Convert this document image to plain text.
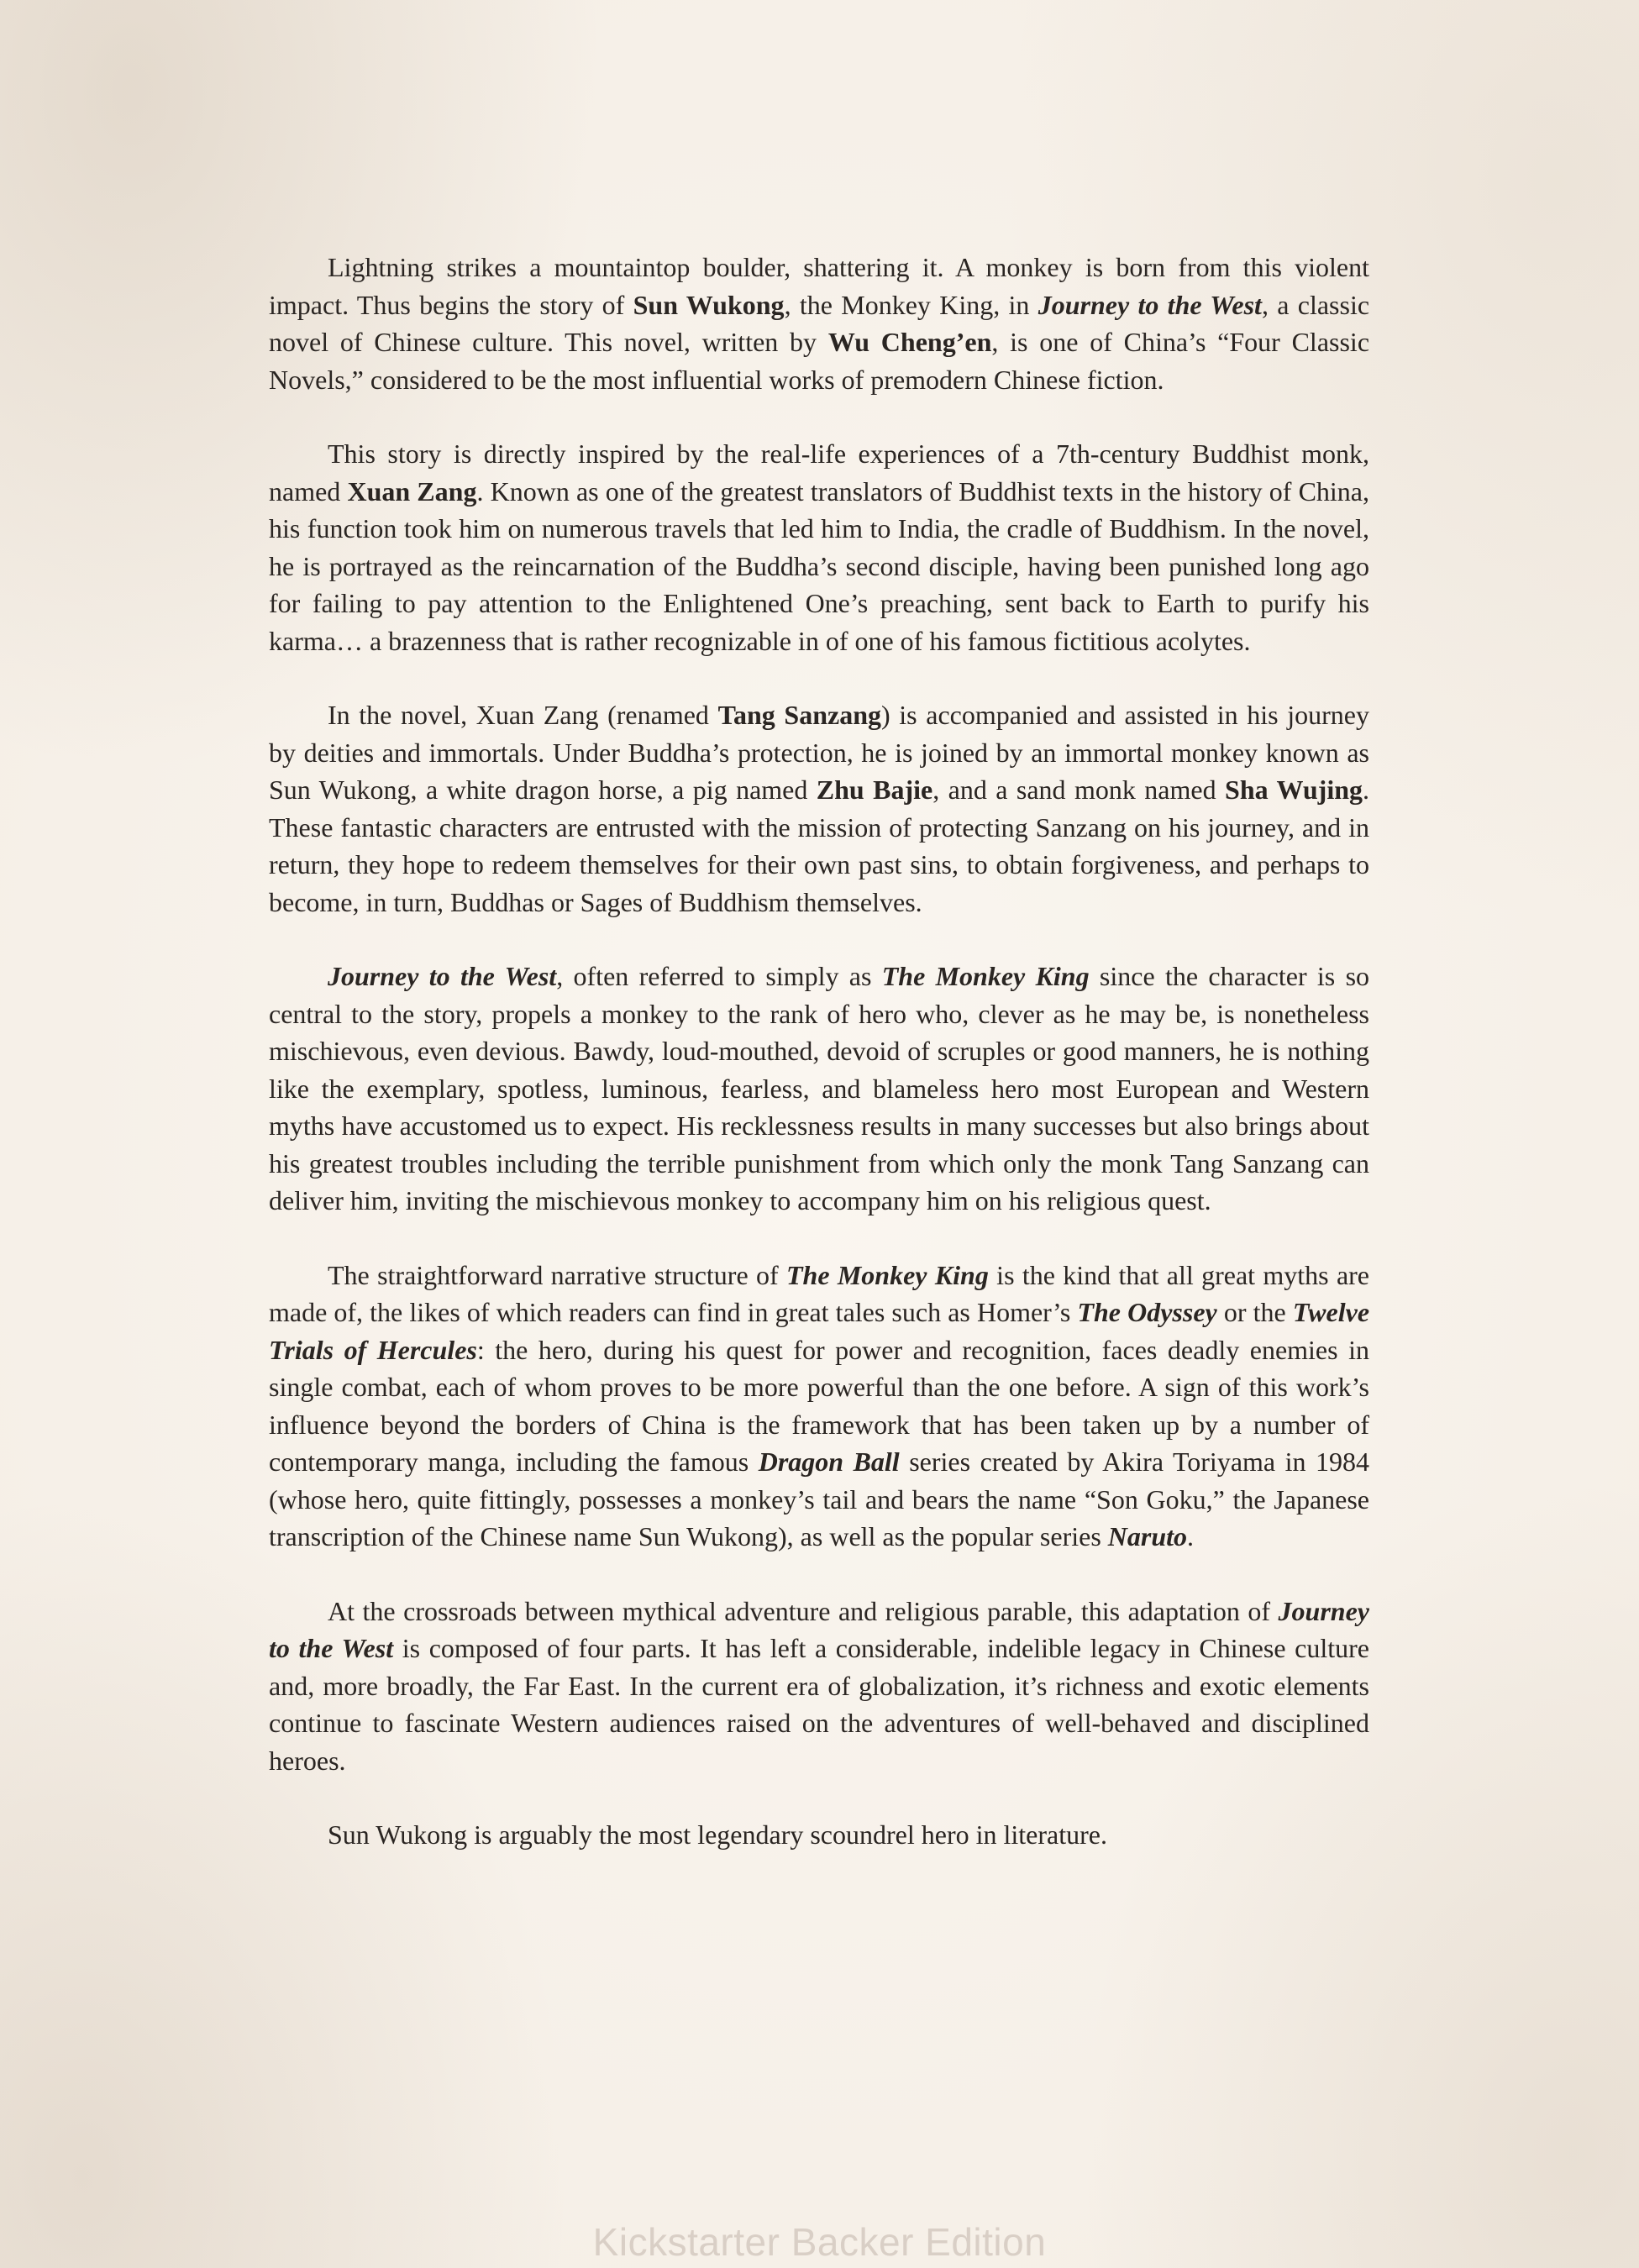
Lightning strikes a mountaintop boulder, shattering it. A monkey is born from this violent impact. Thus begins the story of Sun Wukong, the Monkey King, in Journey to the West, a classic novel of Chinese culture. This novel, written by Wu Cheng’en, is one of China’s “Four Classic Novels,” considered to be the most influential works of premodern Chinese fiction.

This story is directly inspired by the real-life experiences of a 7th-century Buddhist monk, named Xuan Zang. Known as one of the greatest translators of Buddhist texts in the history of China, his function took him on numerous travels that led him to India, the cradle of Buddhism. In the novel, he is portrayed as the reincarnation of the Buddha’s second disciple, having been punished long ago for failing to pay attention to the Enlightened One’s preaching, sent back to Earth to purify his karma… a brazenness that is rather recognizable in of one of his famous fictitious acolytes.

In the novel, Xuan Zang (renamed Tang Sanzang) is accompanied and assisted in his journey by deities and immortals. Under Buddha’s protection, he is joined by an immortal monkey known as Sun Wukong, a white dragon horse, a pig named Zhu Bajie, and a sand monk named Sha Wujing. These fantastic characters are entrusted with the mission of protecting Sanzang on his journey, and in return, they hope to redeem themselves for their own past sins, to obtain forgiveness, and perhaps to become, in turn, Buddhas or Sages of Buddhism themselves.

Journey to the West, often referred to simply as The Monkey King since the character is so central to the story, propels a monkey to the rank of hero who, clever as he may be, is nonetheless mischievous, even devious. Bawdy, loud-mouthed, devoid of scruples or good manners, he is nothing like the exemplary, spotless, luminous, fearless, and blameless hero most European and Western myths have accustomed us to expect. His recklessness results in many successes but also brings about his greatest troubles including the terrible punishment from which only the monk Tang Sanzang can deliver him, inviting the mischievous monkey to accompany him on his religious quest.

The straightforward narrative structure of The Monkey King is the kind that all great myths are made of, the likes of which readers can find in great tales such as Homer’s The Odyssey or the Twelve Trials of Hercules: the hero, during his quest for power and recognition, faces deadly enemies in single combat, each of whom proves to be more powerful than the one before. A sign of this work’s influence beyond the borders of China is the framework that has been taken up by a number of contemporary manga, including the famous Dragon Ball series created by Akira Toriyama in 1984 (whose hero, quite fittingly, possesses a monkey’s tail and bears the name “Son Goku,” the Japanese transcription of the Chinese name Sun Wukong), as well as the popular series Naruto.

At the crossroads between mythical adventure and religious parable, this adaptation of Journey to the West is composed of four parts. It has left a considerable, indelible legacy in Chinese culture and, more broadly, the Far East. In the current era of globalization, it’s richness and exotic elements continue to fascinate Western audiences raised on the adventures of well-behaved and disciplined heroes.

Sun Wukong is arguably the most legendary scoundrel hero in literature.

Kickstarter Backer Edition
